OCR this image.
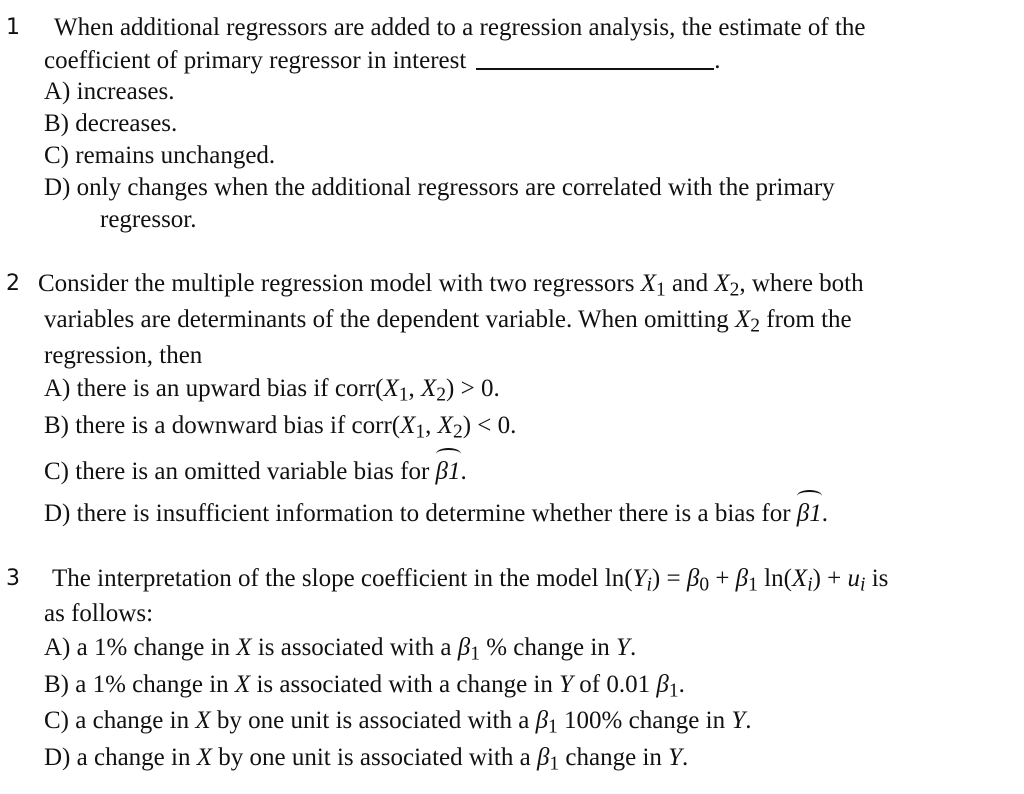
1 When additional regressors are added to a regression analysis, the estimate of the
coefficient of primary regressor in interest	.
A) increases.
B) decreases.
C) remains unchanged.
D) only changes when the additional regressors are correlated with the primary
regressor.
2 Consider the multiple regression model with two regressors $X_1$ and $X_2$, where both
variables are determinants of the dependent variable. When omitting $X_2$ from the
regression, then
A) there is an upward bias if $corr(X_1$, $X_2) > 0$.
B) there is a downward bias if $corr(X_1$, $X_2) < 0$.
C) there is an omitted variable bias for β1.
D) there is insufficient information to determine whether there is a bias for β1.
3 The interpretation of the slope coefficient in the model $\ln(Y_i) = \beta_0 + \beta_1$ $\ln(X_i) + u_i$ is
as follows:
A) a 1% change in X is associated with a $\beta_1$ % change in Y.
B) a 1% change in X is associated with a change in Y of 0.01 $\beta_1$.
C) a change in X by one unit is associated with a $\beta_1$ 100% change in Y.
D) a change in X by one unit is associated with a $\beta_1$ change in Y.
